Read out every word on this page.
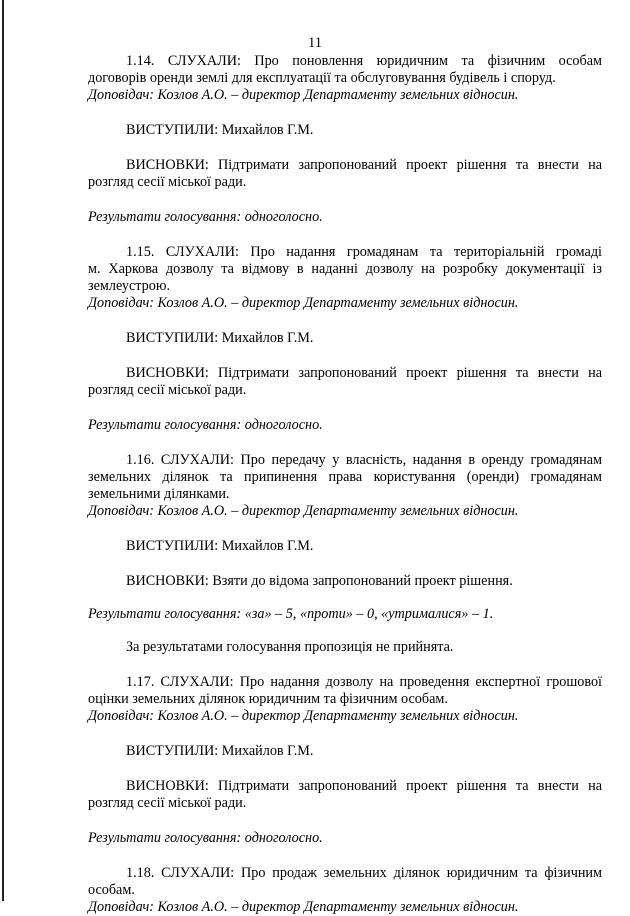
11

1.14. СЛУХАЛИ: Про поновлення юридичним та фізичним особам
договорів оренди землі для експлуатації та обслуговування будівель і споруд.

Доповідач: Козлов А.О. – директор Департаменту земельних відносин.

ВИСТУПИЛИ: Михайлов Г.М.

ВИСНОВКИ: Підтримати запропонований проект рішення та внести на
розгляд сесії міської ради.

Результати голосування: одноголосно.

1.15. СЛУХАЛИ: Про надання громадянам та територіальній громаді
м. Харкова дозволу та відмову в наданні дозволу на розробку документації із
землеустрою.

Доповідач: Козлов А.О. – директор Департаменту земельних відносин.

ВИСТУПИЛИ: Михайлов Г.М.

ВИСНОВКИ: Підтримати запропонований проект рішення та внести на
розгляд сесії міської ради.

Результати голосування: одноголосно.

1.16. СЛУХАЛИ: Про передачу у власність, надання в оренду громадянам
земельних ділянок та припинення права користування (оренди) громадянам
земельними ділянками.

Доповідач: Козлов А.О. – директор Департаменту земельних відносин.

ВИСТУПИЛИ: Михайлов Г.М.

ВИСНОВКИ: Взяти до відома запропонований проект рішення.

Результати голосування: «за» – 5, «проти» – 0, «утрималися» – 1.

За результатами голосування пропозиція не прийнята.

1.17. СЛУХАЛИ: Про надання дозволу на проведення експертної грошової
оцінки земельних ділянок юридичним та фізичним особам.

Доповідач: Козлов А.О. – директор Департаменту земельних відносин.

ВИСТУПИЛИ: Михайлов Г.М.

ВИСНОВКИ: Підтримати запропонований проект рішення та внести на
розгляд сесії міської ради.

Результати голосування: одноголосно.

1.18. СЛУХАЛИ: Про продаж земельних ділянок юридичним та фізичним
особам.

Доповідач: Козлов А.О. – директор Департаменту земельних відносин.
